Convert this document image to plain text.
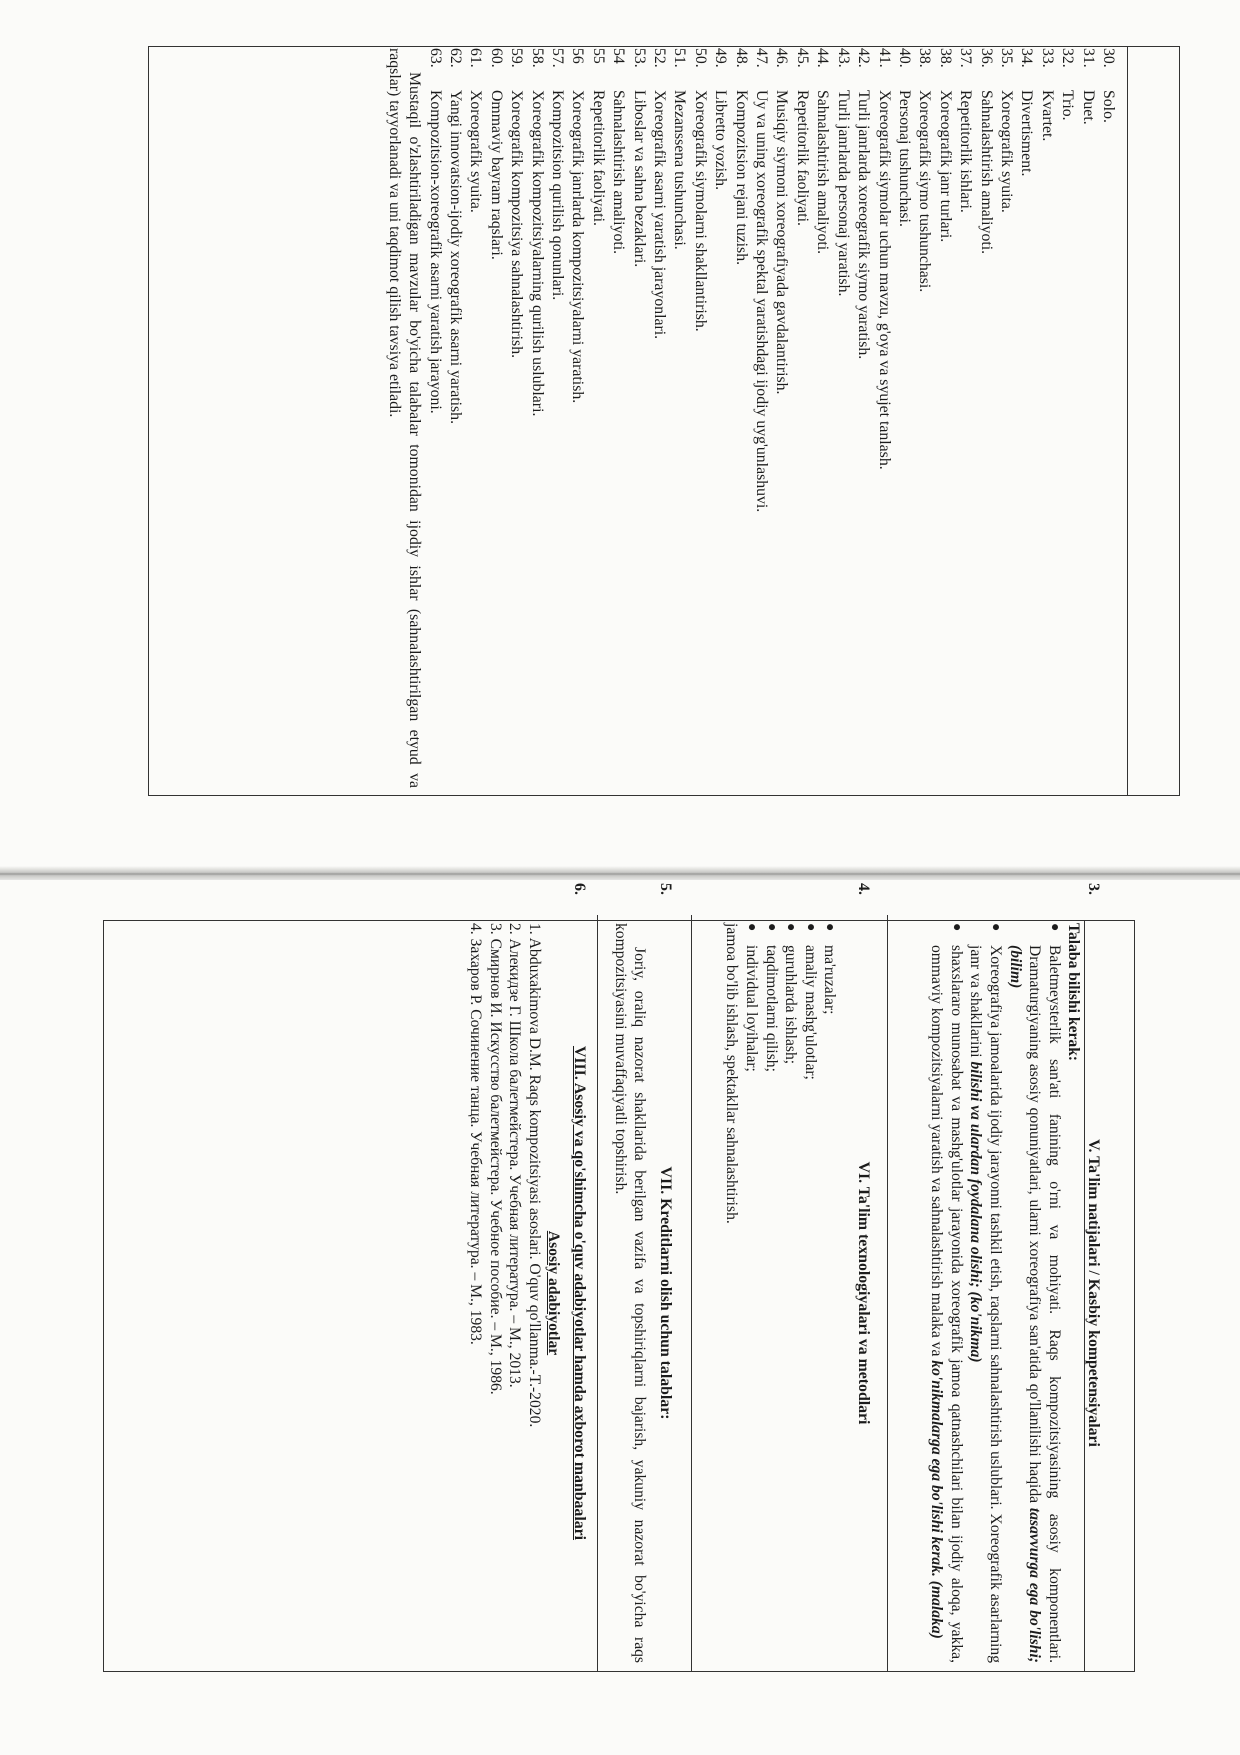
30.
Solo.
31.
Duet.
32.
Trio.
33.
Kvartet.
34.
Divertisment.
35.
Xoreografik syuita.
36.
Sahnalashtirish amaliyoti.
37.
Repetitorlik ishlari.
38.
Xoreografik janr turlari.
38.
Xoreografik siymo tushunchasi.
40.
Personaj tushunchasi.
41.
Xoreografik siymolar uchun mavzu, g'oya va syujet tanlash.
42.
Turli janrlarda xoreografik siymo yaratish.
43.
Turli janrlarda personaj yaratish.
44.
Sahnalashtirish amaliyoti.
45.
Repetitorlik faoliyati.
46.
Musiqiy siymoni xoreografiyada gavdalantirish.
47.
Uy va uning xoreografik spektal yaratishdagi ijodiy uyg'unlashuvi.
48.
Kompozitsion rejani tuzish.
49.
Libretto yozish.
50.
Xoreografik siymolarni shakllantirish.
51.
Mezanssena tushunchasi.
52.
Xoreografik asarni yaratish jarayonlari.
53.
Liboslar va sahna bezaklari.
54
Sahnalashtirish amaliyoti.
55
Repetitorlik faoliyati.
56
Xoreografik janrlarda kompozitsiyalarni yaratish.
57.
Kompozitsion qurilish qonunlari.
58.
Xoreografik kompozitsiyalarning qurilish uslublari.
59.
Xoreografik kompozitsiya sahnalashtirish.
60.
Ommaviy bayram raqslari.
61.
Xoreografik syuita.
62.
Yangi innovatsion-ijodiy xoreografik asarni yaratish.
63.
Kompozitsion-xoreografik asarni yaratish jarayoni.

Mustaqil o'zlashtiriladigan mavzular bo'yicha talabalar tomonidan ijodiy ishlar (sahnalashtirilgan etyud va raqslar) tayyorlanadi va uni taqdimot qilish tavsiya etiladi.

3.
V. Ta'lim natijalari / Kasbiy kompetensiyalari
Talaba bilishi kerak:
●

Baletmeysterlik san'ati fanining o'rni va mohiyati. Raqs kompozitsiyasining asosiy komponentlari. Dramaturgiyaning asosiy qonuniyatlari, ularni xoreografiya san'atida qo'llanilishi haqida tasavvurga ega bo'lishi; (bilim)

●

Xoreografiya jamoalarida ijodiy jarayonni tashkil etish, raqslarni sahnalashtirish uslublari. Xoreografik asarlarning janr va shakllarini bilishi va ulardan foydalana olishi; (ko'nikma)

●

shaxslararo munosabat va mashg'ulotlar jarayonida xoreografik jamoa qatnashchilari bilan ijodiy aloqa, yakka, ommaviy kompozitsiyalarni yaratish va sahnalashtirish malaka va ko'nikmalarga ega bo'lishi kerak. (malaka)

4.
VI. Ta'lim texnologiyalari va metodlari
●
ma'ruzalar;
●
amaliy mashg'ulotlar;
●
guruhlarda ishlash;
●
taqdimotlarni qilish;
●
individual loyihalar;

jamoa bo'lib ishlash, spektakllar sahnalashtirish.

5.
VII. Kreditlarni olish uchun talablar:

Joriy, oraliq nazorat shakllarida berilgan vazifa va topshiriqlarni bajarish, yakuniy nazorat bo'yicha raqs kompozitsiyasini muvaffaqiyatli topshirish.

6.
VIII. Asosiy va qo'shimcha o'quv adabiyotlar hamda axborot manbaalari
Asosiy adabiyotlar

1. Abduxakimova D.M. Raqs kompozitsiyasi asoslari. O'quv qo'llanma.-T.-2020.

2. Алекидзе Г. Школа балетмейстера. Учебная литература. – М., 2013.

3. Смирнов И. Искусство балетмейстера. Учебное пособие. – М., 1986.

4. Захаров Р. Сочинение танца. Учебная литература. – М., 1983.
